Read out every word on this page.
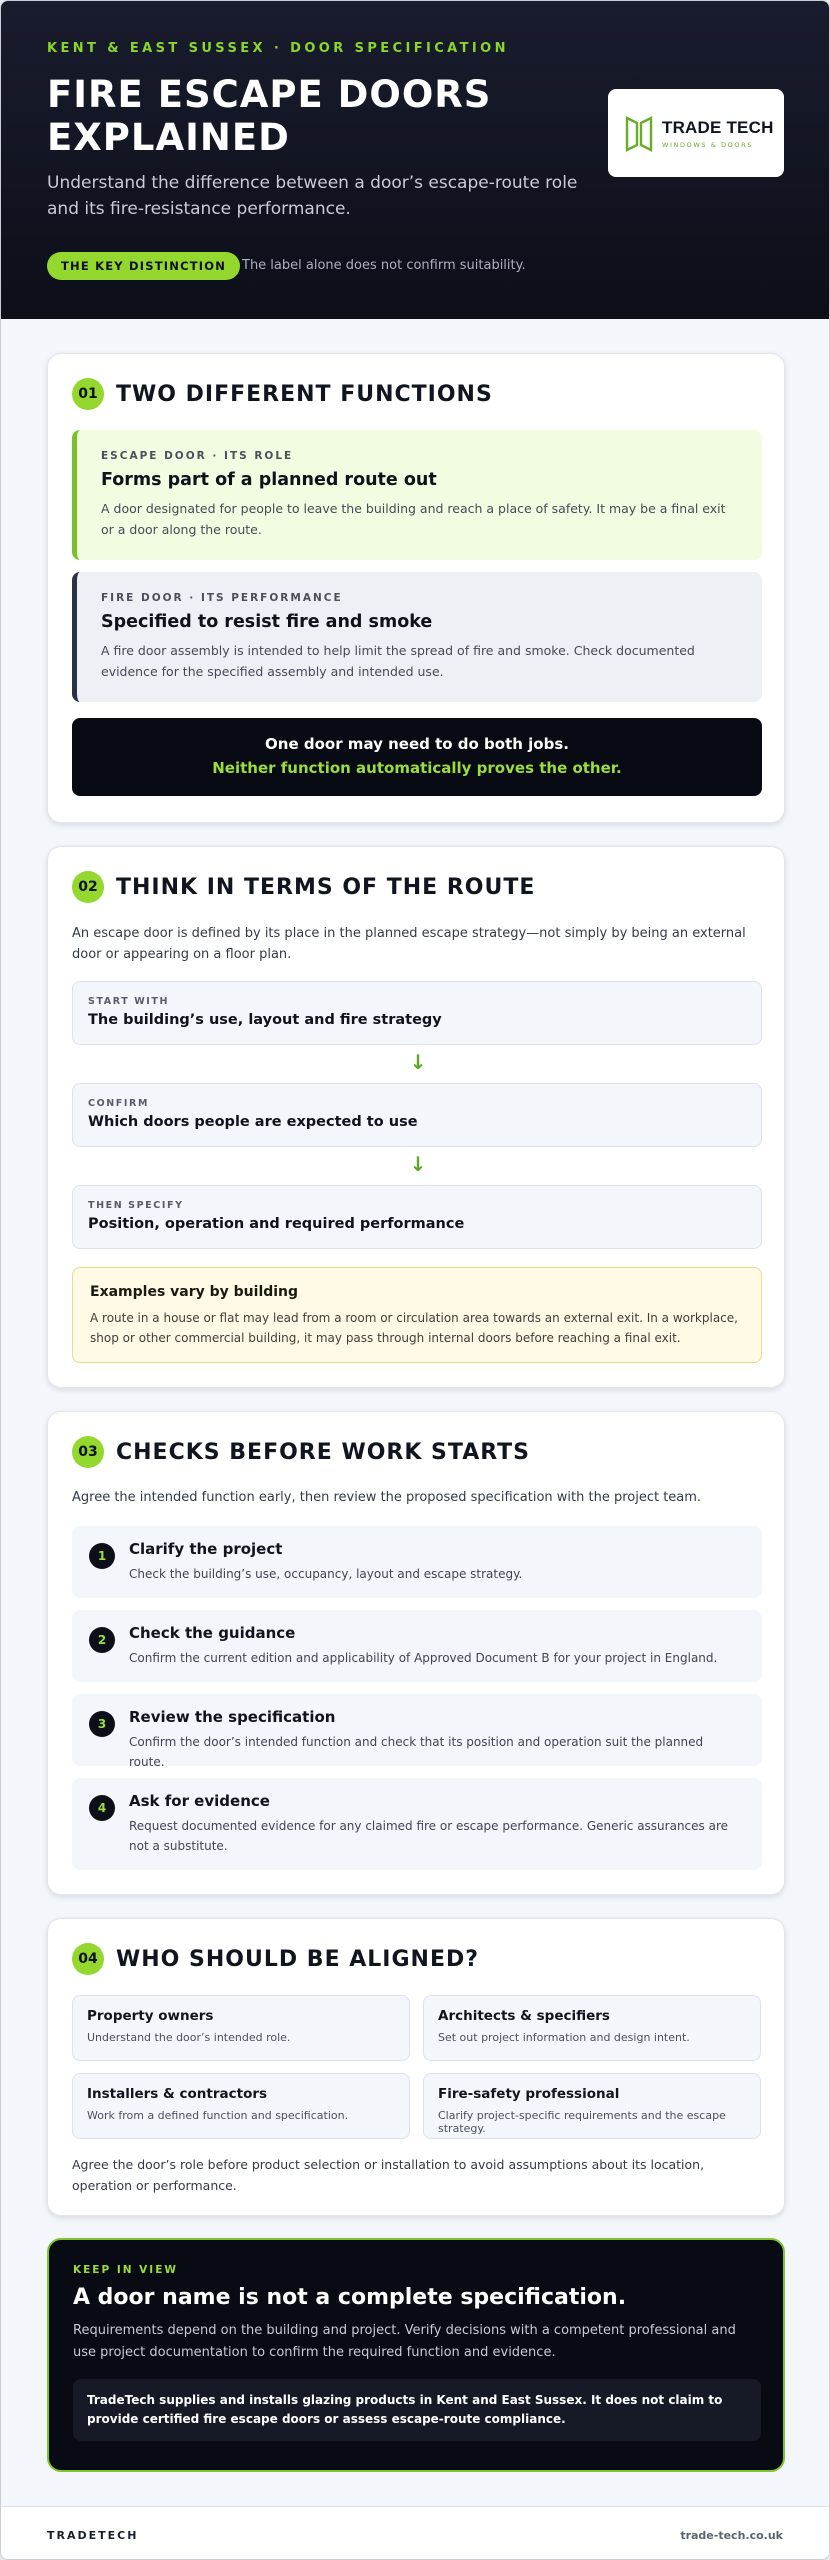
KENT & EAST SUSSEX · DOOR SPECIFICATION
FIRE ESCAPE DOORS
EXPLAINED
Understand the difference between a door’s escape-route role and its fire-resistance performance.
THE KEY DISTINCTION	The label alone does not confirm suitability.
TRADE TECH
WINDOWS & DOORS
01 TWO DIFFERENT FUNCTIONS
ESCAPE DOOR · ITS ROLE
Forms part of a planned route out
A door designated for people to leave the building and reach a place of safety. It may be a final exit or a door along the route.
FIRE DOOR · ITS PERFORMANCE
Specified to resist fire and smoke
A fire door assembly is intended to help limit the spread of fire and smoke. Check documented evidence for the specified assembly and intended use.
One door may need to do both jobs.
Neither function automatically proves the other.
02 THINK IN TERMS OF THE ROUTE
An escape door is defined by its place in the planned escape strategy—not simply by being an external door or appearing on a floor plan.
START WITH
The building’s use, layout and fire strategy
↓
CONFIRM
Which doors people are expected to use
↓
THEN SPECIFY
Position, operation and required performance
Examples vary by building
A route in a house or flat may lead from a room or circulation area towards an external exit. In a workplace, shop or other commercial building, it may pass through internal doors before reaching a final exit.
03 CHECKS BEFORE WORK STARTS
Agree the intended function early, then review the proposed specification with the project team.
1	Clarify the project
Check the building’s use, occupancy, layout and escape strategy.
2	Check the guidance
Confirm the current edition and applicability of Approved Document B for your project in England.
3	Review the specification
Confirm the door’s intended function and check that its position and operation suit the planned route.
4	Ask for evidence
Request documented evidence for any claimed fire or escape performance. Generic assurances are not a substitute.
04 WHO SHOULD BE ALIGNED?
Property owners
Understand the door’s intended role.
Architects & specifiers
Set out project information and design intent.
Installers & contractors
Work from a defined function and specification.
Fire-safety professional
Clarify project-specific requirements and the escape strategy.
Agree the door’s role before product selection or installation to avoid assumptions about its location, operation or performance.
KEEP IN VIEW
A door name is not a complete specification.
Requirements depend on the building and project. Verify decisions with a competent professional and use project documentation to confirm the required function and evidence.
TradeTech supplies and installs glazing products in Kent and East Sussex. It does not claim to provide certified fire escape doors or assess escape-route compliance.
TRADETECH	trade-tech.co.uk
